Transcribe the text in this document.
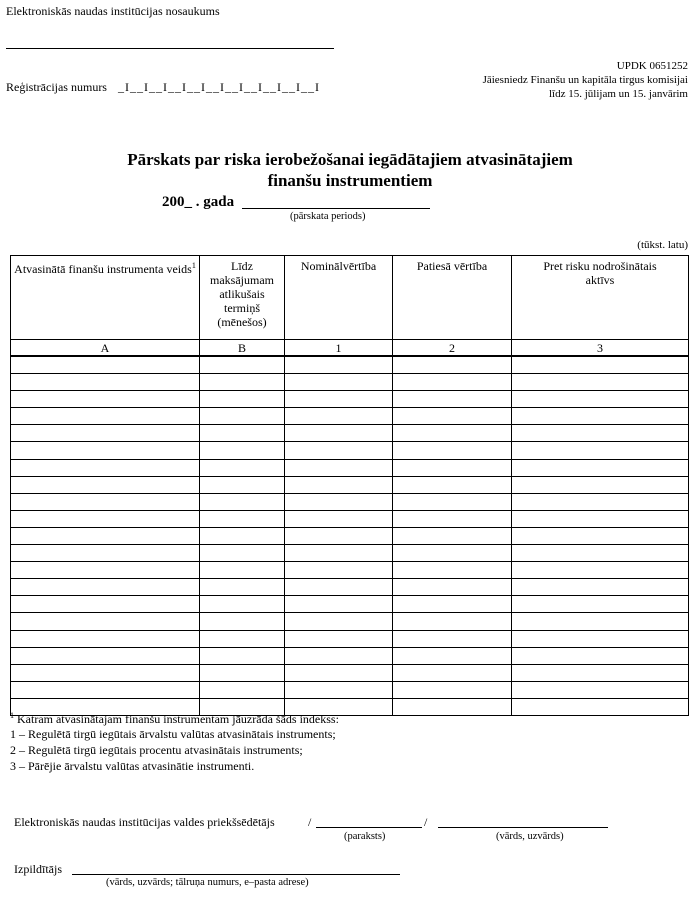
Elektroniskās naudas institūcijas nosaukums
Reģistrācijas numurs _I__I__I__I__I__I__I__I__I__I__I
UPDK 0651252
Jāiesniedz Finanšu un kapitāla tirgus komisijai
līdz 15. jūlijam un 15. janvārim
Pārskats par riska ierobežošanai iegādātajiem atvasinātajiem
finanšu instrumentiem
200_ . gada
(pārskata periods)
(tūkst. latu)
Atvasinātā finanšu instrumenta veids$^1$	Līdz maksājumam atlikušais termiņš (mēnešos)	Nominālvērtība	Patiesā vērtība	Pret risku nodrošinātais aktīvs
A	B	1	2	3

$^1$ Katram atvasinātajam finanšu instrumentam jāuzrāda šāds indekss:
1 – Regulētā tirgū iegūtais ārvalstu valūtas atvasinātais instruments;
2 – Regulētā tirgū iegūtais procentu atvasinātais instruments;
3 – Pārējie ārvalstu valūtas atvasinātie instrumenti.
Elektroniskās naudas institūcijas valdes priekšsēdētājs	/	/
(paraksts)	(vārds, uzvārds)
Izpildītājs
(vārds, uzvārds; tālruņa numurs, e–pasta adrese)
